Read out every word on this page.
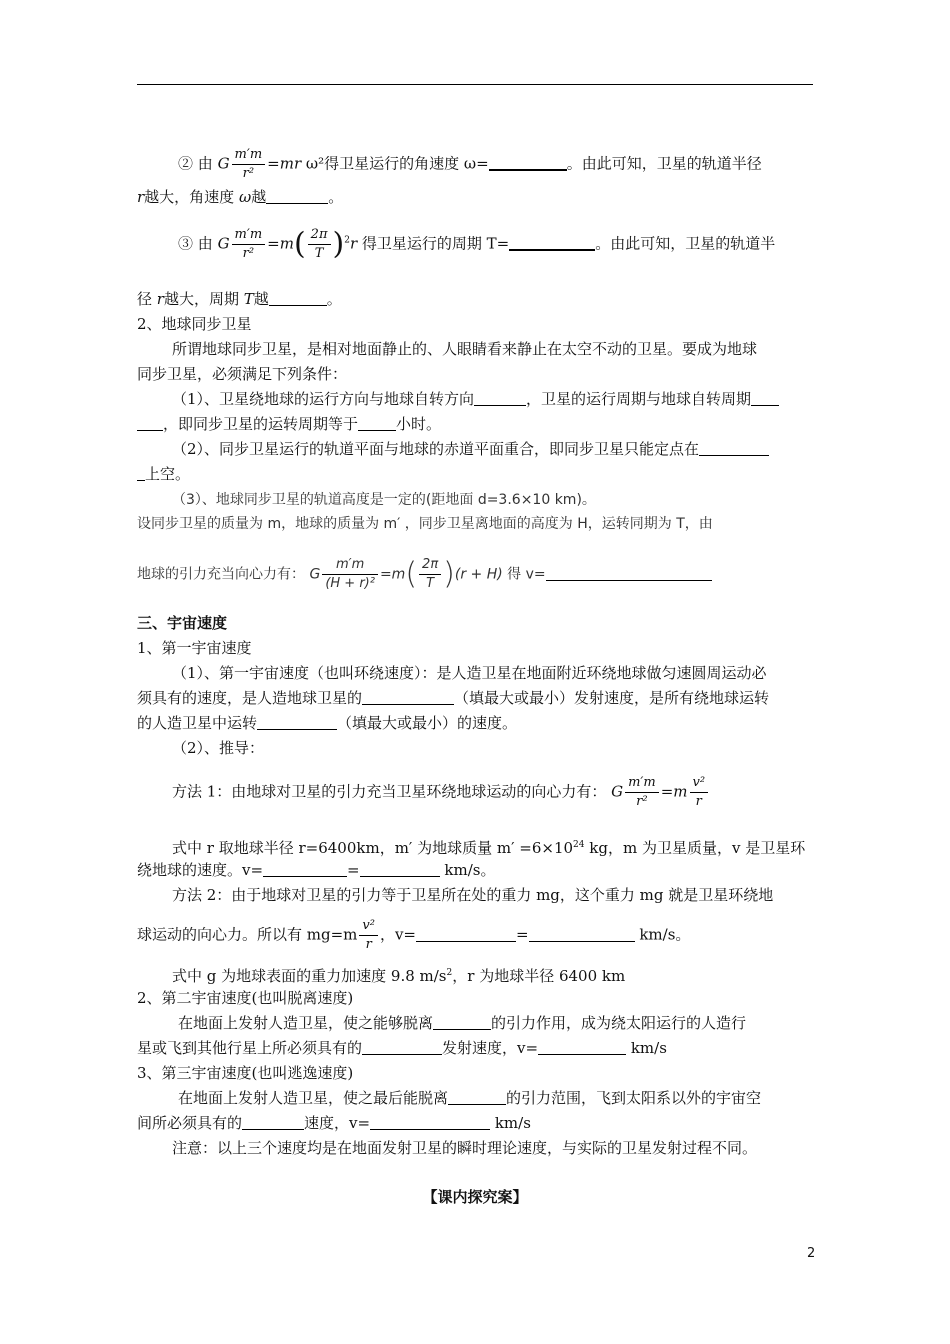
② 由 G $\frac{m'm}{\text{r²}} =mr$ ω²得卫星运行的角速度 ω=	。由此可知，卫星的轨道半径
r越大，角速度 ω越	。
③ 由 G $\frac{m'm}{\text{r²}} =m( \frac{2\pi}{T} )^2r$ 得卫星运行的周期 T=	。由此可知，卫星的轨道半
径 r越大，周期 T越	。
2、地球同步卫星
所谓地球同步卫星，是相对地面静止的、人眼睛看来静止在太空不动的卫星。要成为地球
同步卫星，必须满足下列条件：
（1）、卫星绕地球的运行方向与地球自转方向	，卫星的运行周期与地球自转周期
，即同步卫星的运转周期等于	小时。
（2）、同步卫星运行的轨道平面与地球的赤道平面重合，即同步卫星只能定点在
上空。
（3）、地球同步卫星的轨道高度是一定的(距地面 d=3.6×10 km)。
设同步卫星的质量为 m，地球的质量为 m′ ，同步卫星离地面的高度为 H，运转同期为 T，由
地球的引力充当向心力有： G $\frac{m'm}{\text{(H + r)²}} =m( \frac{2\pi}{T} )(r + H)$ 得 v=
三、宇宙速度
1、第一宇宙速度
（1）、第一宇宙速度（也叫环绕速度）：是人造卫星在地面附近环绕地球做匀速圆周运动必
须具有的速度，是人造地球卫星的	（填最大或最小）发射速度，是所有绕地球运转
的人造卫星中运转	（填最大或最小）的速度。
（2）、推导：
方法 1：由地球对卫星的引力充当卫星环绕地球运动的向心力有： G $\frac{m'm}{\text{r²}} =m \frac{\text{v²}}{r}$
式中 r 取地球半径 r=6400km，m′ 为地球质量 $m' =6\times 10^{24}$ kg，m 为卫星质量，v 是卫星环
绕地球的速度。v=	=	km/s。
方法 2：由于地球对卫星的引力等于卫星所在处的重力 mg，这个重力 mg 就是卫星环绕地
球运动的向心力。所以有 $mg=m \frac{\text{v²}}{r}$ ，v=	=	km/s。
式中 g 为地球表面的重力加速度 9.8 $m/s^2$，r 为地球半径 6400 km
2、第二宇宙速度(也叫脱离速度)
在地面上发射人造卫星，使之能够脱离	的引力作用，成为绕太阳运行的人造行
星或飞到其他行星上所必须具有的	发射速度，v=	km/s
3、第三宇宙速度(也叫逃逸速度)
在地面上发射人造卫星，使之最后能脱离	的引力范围，飞到太阳系以外的宇宙空
间所必须具有的	速度，v=	km/s
注意：以上三个速度均是在地面发射卫星的瞬时理论速度，与实际的卫星发射过程不同。
【课内探究案】
2
